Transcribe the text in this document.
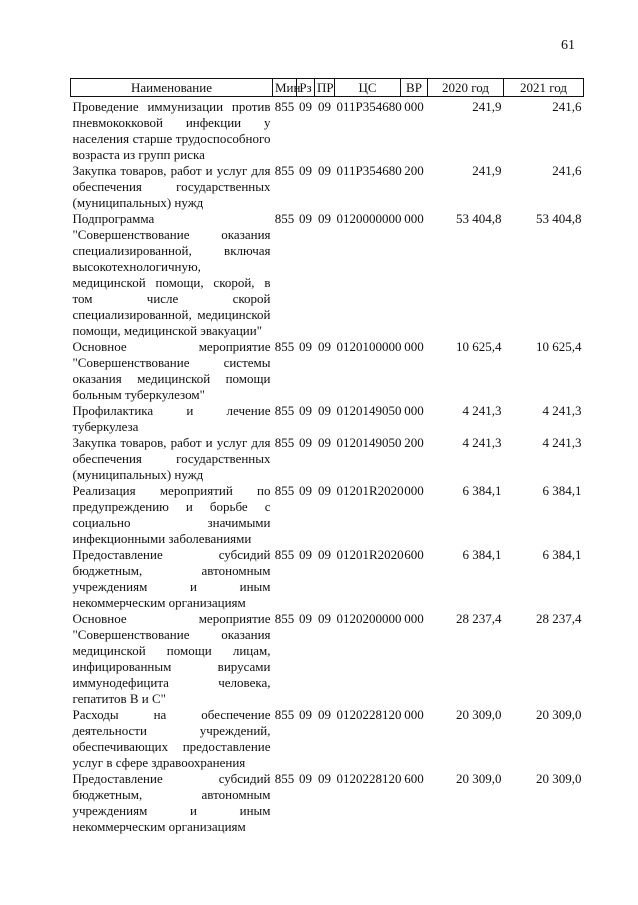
61
Наименование	Мин	Рз	ПР	ЦС	ВР	2020 год	2021 год

Проведение иммунизации против пневмококковой инфекции у населения старше трудоспособного возраста из групп риска	855	09	09	011Р354680	000	241,9	241,6
Закупка товаров, работ и услуг для обеспечения государственных (муниципальных) нужд	855	09	09	011Р354680	200	241,9	241,6
Подпрограмма "Совершенствование оказания специализированной, включая высокотехнологичную, медицинской помощи, скорой, в том числе скорой специализированной, медицинской помощи, медицинской эвакуации"	855	09	09	0120000000	000	53 404,8	53 404,8
Основное мероприятие "Совершенствование системы оказания медицинской помощи больным туберкулезом"	855	09	09	0120100000	000	10 625,4	10 625,4
Профилактика и лечение туберкулеза	855	09	09	0120149050	000	4 241,3	4 241,3
Закупка товаров, работ и услуг для обеспечения государственных (муниципальных) нужд	855	09	09	0120149050	200	4 241,3	4 241,3
Реализация мероприятий по предупреждению и борьбе с социально значимыми инфекционными заболеваниями	855	09	09	01201R2020	000	6 384,1	6 384,1
Предоставление субсидий бюджетным, автономным учреждениям и иным некоммерческим организациям	855	09	09	01201R2020	600	6 384,1	6 384,1
Основное мероприятие "Совершенствование оказания медицинской помощи лицам, инфицированным вирусами иммунодефицита человека, гепатитов В и С"	855	09	09	0120200000	000	28 237,4	28 237,4
Расходы на обеспечение деятельности учреждений, обеспечивающих предоставление услуг в сфере здравоохранения	855	09	09	0120228120	000	20 309,0	20 309,0
Предоставление субсидий бюджетным, автономным учреждениям и иным некоммерческим организациям	855	09	09	0120228120	600	20 309,0	20 309,0
